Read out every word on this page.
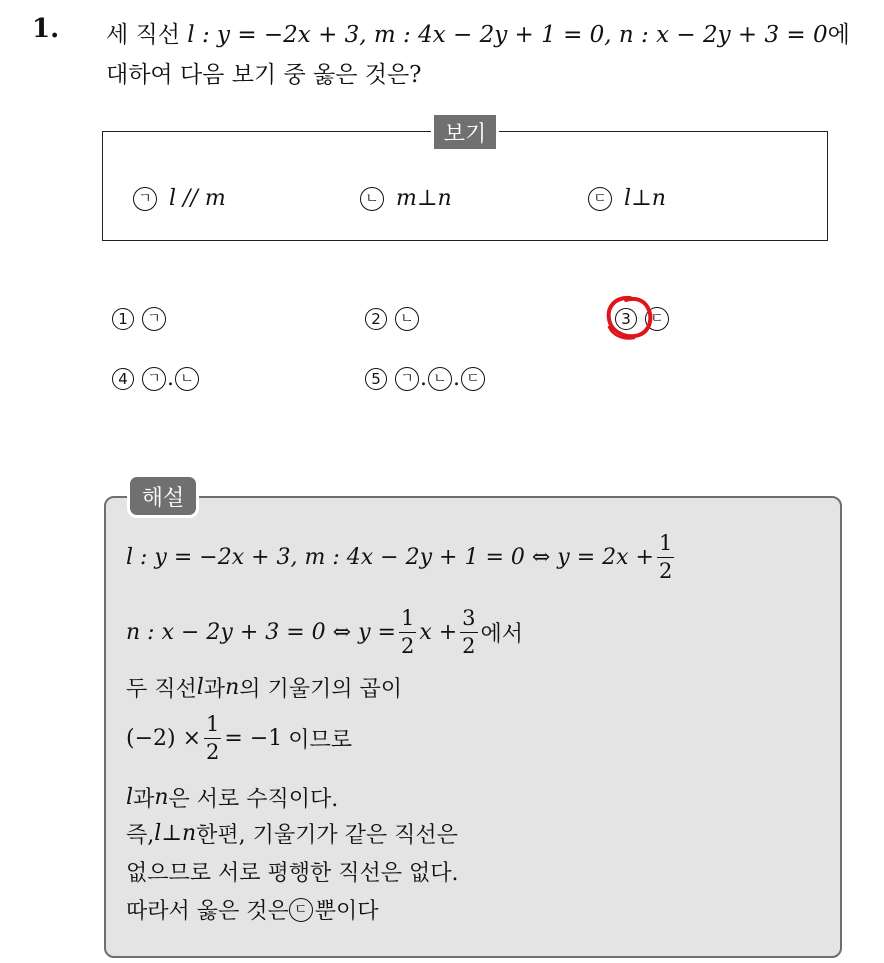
1. 세 직선 l : y = −2x + 3, m : 4x − 2y + 1 = 0, n : x − 2y + 3 = 0에
대하여 다음 보기 중 옳은 것은?
보기
ㄱ l // m	ㄴ m⊥n	ㄷ l⊥n
1 ㄱ	2 ㄴ	3 ㄷ
4 ㄱ . ㄴ	5 ㄱ . ㄴ . ㄷ
해설
l : y = −2x + 3, m : 4x − 2y + 1 = 0 ⇔ $y = 2x + \frac{1}{2}$
n : x − 2y + 3 = 0 ⇔ $y = \frac{1}{2}$ $x + \frac{3}{2}$ 에서
두 직선 l 과 n 의 기울기의 곱이
$(-2) \times \frac{1}{2} = -1$ 이므로
l 과 n 은 서로 수직이다.
즉, l⊥n 한편, 기울기가 같은 직선은
없으므로 서로 평행한 직선은 없다.
따라서 옳은 것은 ㄷ 뿐이다
